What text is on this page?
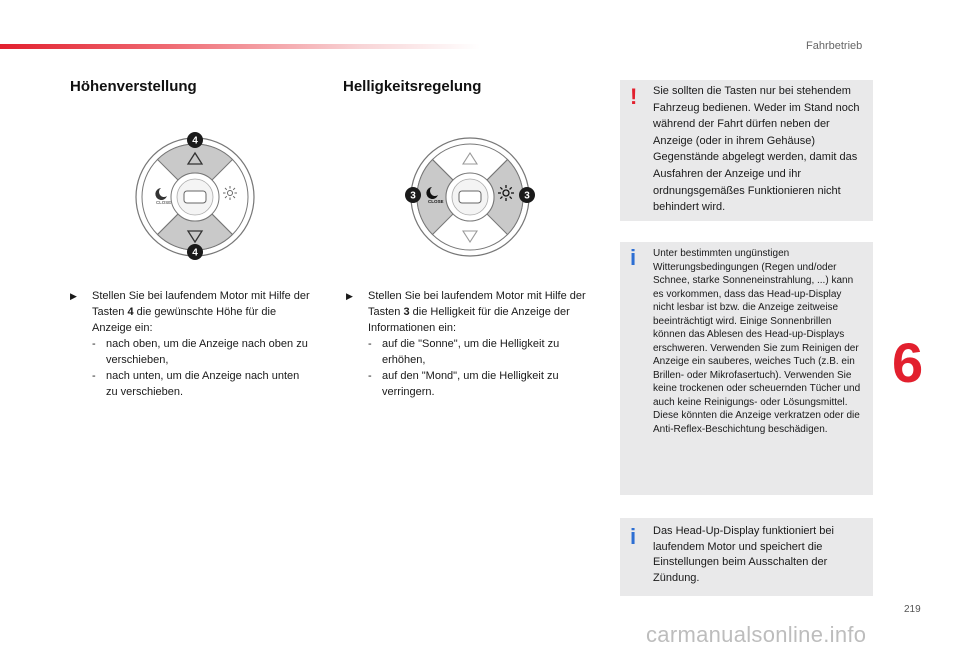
Fahrbetrieb
Höhenverstellung	Helligkeitsregelung
CLOSE
4
4
CLOSE
3	3
▶ Stellen Sie bei laufendem Motor mit Hilfe der Tasten 4 die gewünschte Höhe für die Anzeige ein:
- nach oben, um die Anzeige nach oben zu verschieben,
- nach unten, um die Anzeige nach unten zu verschieben.
▶ Stellen Sie bei laufendem Motor mit Hilfe der Tasten 3 die Helligkeit für die Anzeige der Informationen ein:
- auf die "Sonne", um die Helligkeit zu erhöhen,
- auf den "Mond", um die Helligkeit zu verringern.
! Sie sollten die Tasten nur bei stehendem Fahrzeug bedienen. Weder im Stand noch während der Fahrt dürfen neben der Anzeige (oder in ihrem Gehäuse) Gegenstände abgelegt werden, damit das Ausfahren der Anzeige und ihr ordnungsgemäßes Funktionieren nicht behindert wird.
i Unter bestimmten ungünstigen Witterungsbedingungen (Regen und/oder Schnee, starke Sonneneinstrahlung, ...) kann es vorkommen, dass das Head-up-Display nicht lesbar ist bzw. die Anzeige zeitweise beeinträchtigt wird. Einige Sonnenbrillen können das Ablesen des Head-up-Displays erschweren. Verwenden Sie zum Reinigen der Anzeige ein sauberes, weiches Tuch (z.B. ein Brillen- oder Mikrofasertuch). Verwenden Sie keine trockenen oder scheuernden Tücher und auch keine Reinigungs- oder Lösungsmittel. Diese könnten die Anzeige verkratzen oder die Anti-Reflex-Beschichtung beschädigen.
i Das Head-Up-Display funktioniert bei laufendem Motor und speichert die Einstellungen beim Ausschalten der Zündung.
6
219
carmanualsonline.info
